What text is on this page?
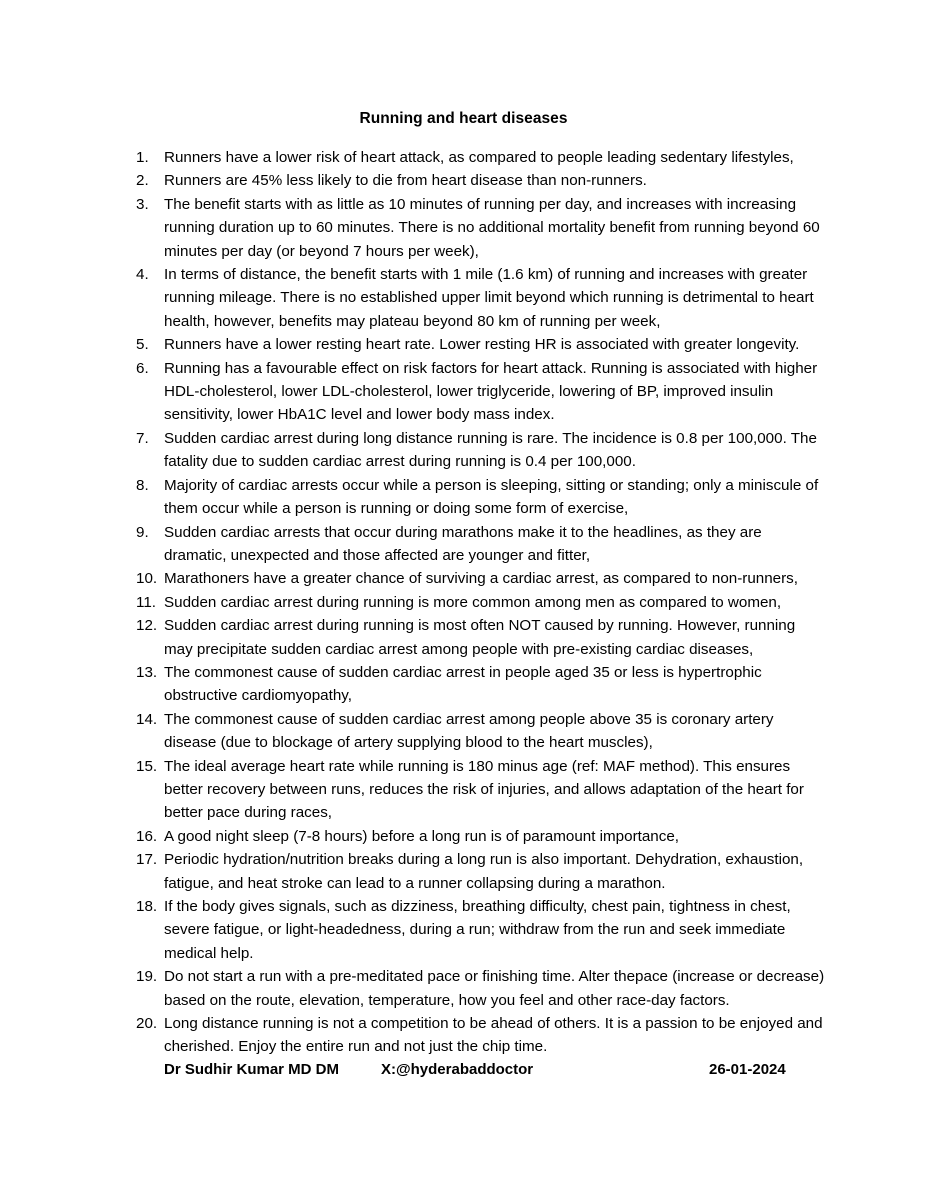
Running and heart diseases
1.	Runners have a lower risk of heart attack, as compared to people leading sedentary lifestyles,
2.	Runners are 45% less likely to die from heart disease than non-runners.
3.	The benefit starts with as little as 10 minutes of running per day, and increases with increasing running duration up to 60 minutes. There is no additional mortality benefit from running beyond 60 minutes per day (or beyond 7 hours per week),
4.	In terms of distance, the benefit starts with 1 mile (1.6 km) of running and increases with greater running mileage. There is no established upper limit beyond which running is detrimental to heart health, however, benefits may plateau beyond 80 km of running per week,
5.	Runners have a lower resting heart rate. Lower resting HR is associated with greater longevity.
6.	Running has a favourable effect on risk factors for heart attack. Running is associated with higher HDL-cholesterol, lower LDL-cholesterol, lower triglyceride, lowering of BP, improved insulin sensitivity, lower HbA1C level and lower body mass index.
7.	Sudden cardiac arrest during long distance running is rare. The incidence is 0.8 per 100,000. The fatality due to sudden cardiac arrest during running is 0.4 per 100,000.
8.	Majority of cardiac arrests occur while a person is sleeping, sitting or standing; only a miniscule of them occur while a person is running or doing some form of exercise,
9.	Sudden cardiac arrests that occur during marathons make it to the headlines, as they are dramatic, unexpected and those affected are younger and fitter,
10. Marathoners have a greater chance of surviving a cardiac arrest, as compared to non-runners,
11. Sudden cardiac arrest during running is more common among men as compared to women,
12. Sudden cardiac arrest during running is most often NOT caused by running. However, running may precipitate sudden cardiac arrest among people with pre-existing cardiac diseases,
13. The commonest cause of sudden cardiac arrest in people aged 35 or less is hypertrophic obstructive cardiomyopathy,
14. The commonest cause of sudden cardiac arrest among people above 35 is coronary artery disease (due to blockage of artery supplying blood to the heart muscles),
15. The ideal average heart rate while running is 180 minus age (ref: MAF method). This ensures better recovery between runs, reduces the risk of injuries, and allows adaptation of the heart for better pace during races,
16. A good night sleep (7-8 hours) before a long run is of paramount importance,
17. Periodic hydration/nutrition breaks during a long run is also important. Dehydration, exhaustion, fatigue, and heat stroke can lead to a runner collapsing during a marathon.
18. If the body gives signals, such as dizziness, breathing difficulty, chest pain, tightness in chest, severe fatigue, or light-headedness, during a run; withdraw from the run and seek immediate medical help.
19. Do not start a run with a pre-meditated pace or finishing time. Alter thepace (increase or decrease) based on the route, elevation, temperature, how you feel and other race-day factors.
20. Long distance running is not a competition to be ahead of others. It is a passion to be enjoyed and cherished. Enjoy the entire run and not just the chip time.
Dr Sudhir Kumar MD DM	X:@hyderabaddoctor	26-01-2024
